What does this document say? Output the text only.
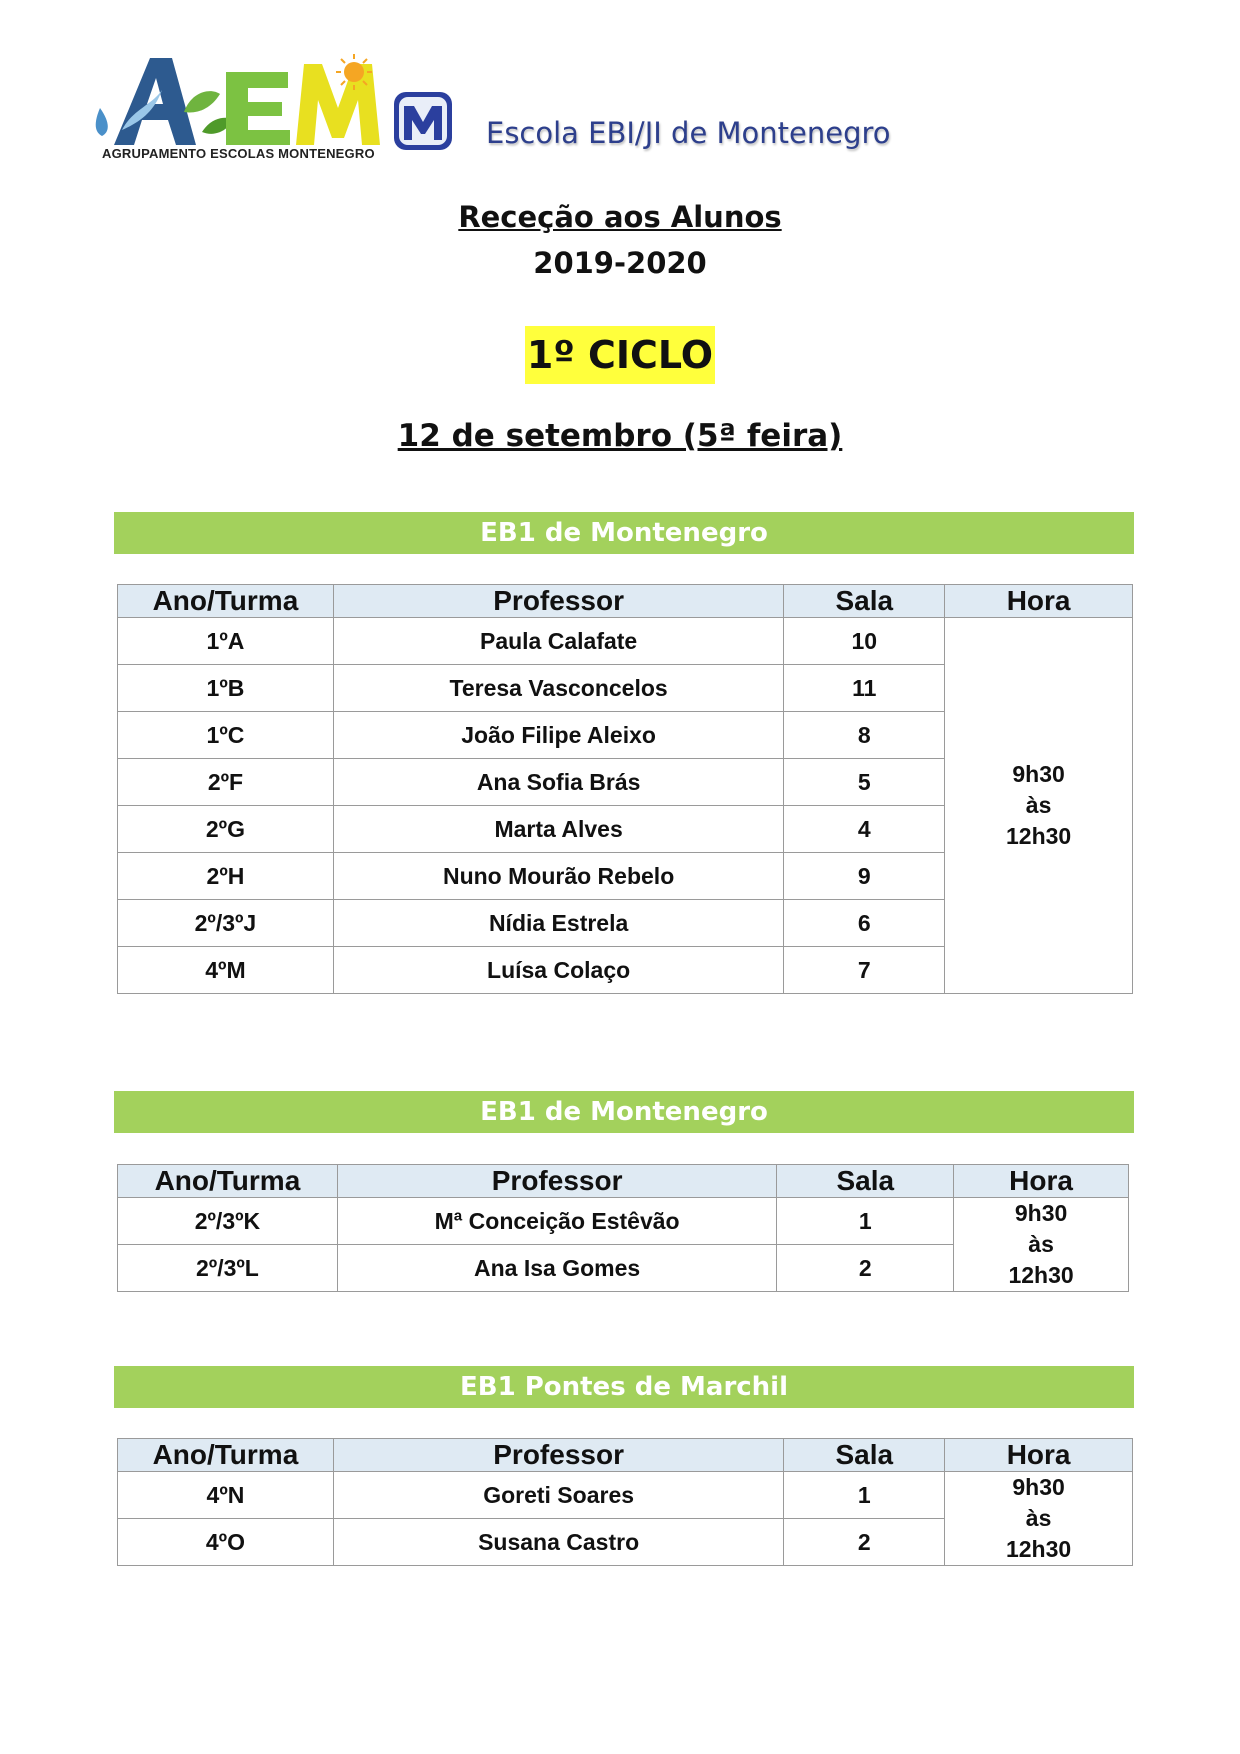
AGRUPAMENTO ESCOLAS MONTENEGRO
Escola EBI/JI de Montenegro
Receção aos Alunos
2019-2020
1º CICLO
12 de setembro (5ª feira)
EB1 de Montenegro
Ano/Turma	Professor	Sala	Hora
1ºA	Paula Calafate	10	9h30
às
12h30

1ºB	Teresa Vasconcelos	11	
1ºC	João Filipe Aleixo	8	
2ºF	Ana Sofia Brás	5	
2ºG	Marta Alves	4	
2ºH	Nuno Mourão Rebelo	9	
2º/3ºJ	Nídia Estrela	6	
4ºM	Luísa Colaço	7	
EB1 de Montenegro
Ano/Turma	Professor	Sala	Hora
2º/3ºK	Mª Conceição Estêvão	1	9h30
às
12h30

2º/3ºL	Ana Isa Gomes	2	
EB1 Pontes de Marchil
Ano/Turma	Professor	Sala	Hora
4ºN	Goreti Soares	1	9h30
às
12h30

4ºO	Susana Castro	2	
